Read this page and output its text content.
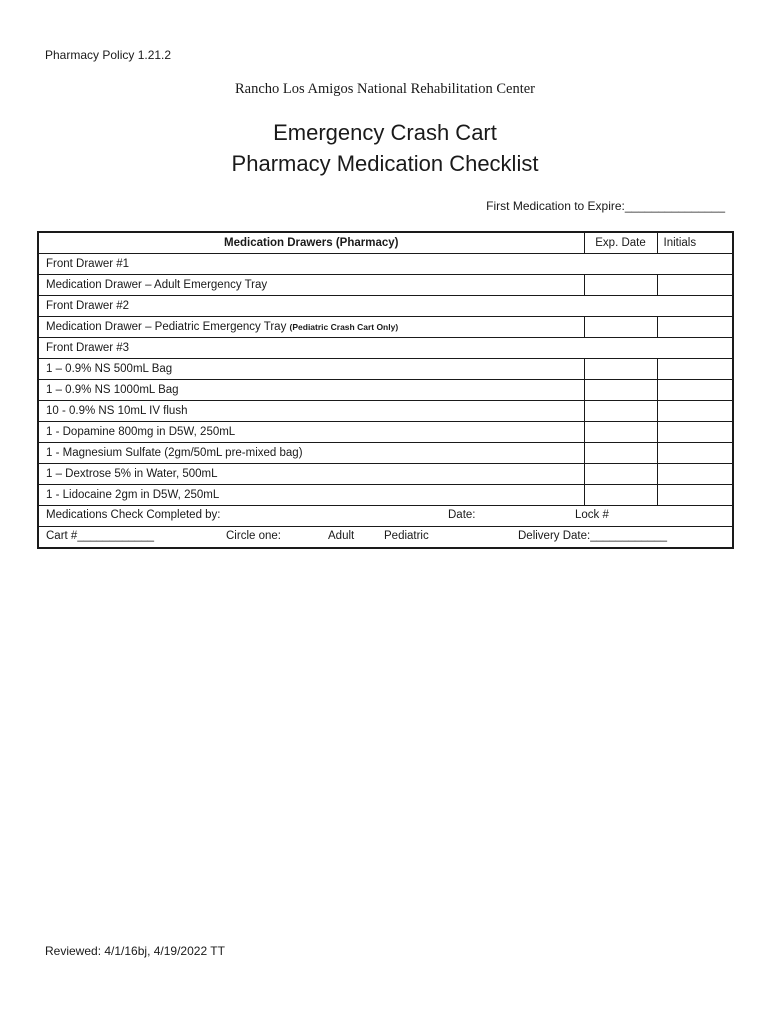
Pharmacy Policy 1.21.2
Rancho Los Amigos National Rehabilitation Center
Emergency Crash Cart
Pharmacy Medication Checklist
First Medication to Expire:_______________
Medication Drawers (Pharmacy)	Exp. Date	Initials
Front Drawer #1		
Medication Drawer – Adult Emergency Tray		
Front Drawer #2		
Medication Drawer – Pediatric Emergency Tray (Pediatric Crash Cart Only)		
Front Drawer #3		
1 – 0.9% NS 500mL Bag		
1 – 0.9% NS 1000mL Bag		
10 - 0.9% NS 10mL IV flush		
1 - Dopamine 800mg in D5W, 250mL		
1 - Magnesium Sulfate (2gm/50mL pre-mixed bag)		
1 – Dextrose 5% in Water, 500mL		
1 - Lidocaine 2gm in D5W, 250mL		

Medications Check Completed by: Date: Lock #		

Cart #____________ Circle one: Adult Pediatric Delivery Date:____________		
Reviewed: 4/1/16bj, 4/19/2022 TT
